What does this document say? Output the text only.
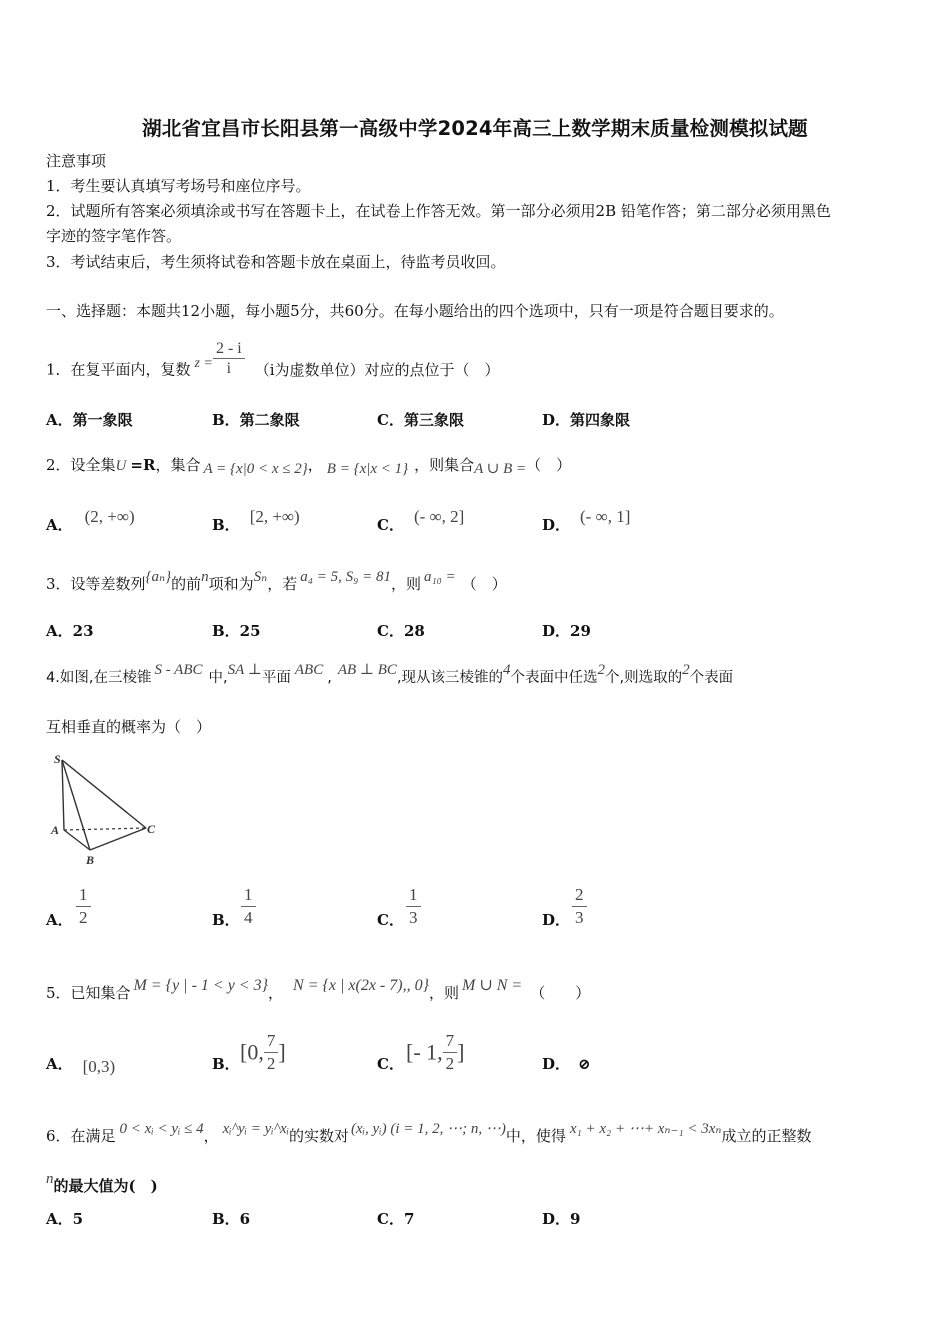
湖北省宜昌市长阳县第一高级中学2024年高三上数学期末质量检测模拟试题
注意事项
1．考生要认真填写考场号和座位序号。
2．试题所有答案必须填涂或书写在答题卡上，在试卷上作答无效。第一部分必须用2B 铅笔作答；第二部分必须用黑色
字迹的签字笔作答。
3．考试结束后，考生须将试卷和答题卡放在桌面上，待监考员收回。
一、选择题：本题共12小题，每小题5分，共60分。在每小题给出的四个选项中，只有一项是符合题目要求的。
1．在复平面内，复数 $z = \frac{2 - i}{i} (i$为虚数单位）对应的点位于（　）
A．第一象限	B．第二象限	C．第三象限	D．第四象限
2．设全集U =R，集合 A = {x|0 < x ≤ 2}， B = {x|x < 1} ，则集合A ∪ B =（　）
A． (2, +∞)	B． [2, +∞)	C． (- ∞, 2]	D． (- ∞, 1]
3．设等差数列{aₙ}的前n项和为Sₙ，若 a₄ = 5, S₉ = 81，则 a₁₀ = （　）
A．23	B．25	C．28	D．29
4.如图,在三棱锥 S - ABC 中,SA ⊥平面 ABC , AB ⊥ BC,现从该三棱锥的4个表面中任选2个,则选取的2个表面
互相垂直的概率为（　）
S
A
B
C
A． $\frac{1}{2}$	B． $\frac{1}{4}$	C． $\frac{1}{3}$	D． $\frac{2}{3}$
5．已知集合 M = {y | - 1 < y < 3}， N = {x | x(2x - 7),, 0}，则 M ∪ N = （　　）
A． [0,3)	B． [0, $\frac{7}{2}$ ]	C． [- 1, $\frac{7}{2}$ ]	D． ⊘
6．在满足 0 < xᵢ < yᵢ ≤ 4， xᵢ^yᵢ = yᵢ^xᵢ的实数对 (xᵢ, yᵢ) (i = 1, 2, ⋯; n, ⋯)中，使得 x₁ + x₂ + ⋯+ xₙ₋₁ < 3xₙ成立的正整数
n的最大值为(　)
A．5	B．6	C．7	D．9
